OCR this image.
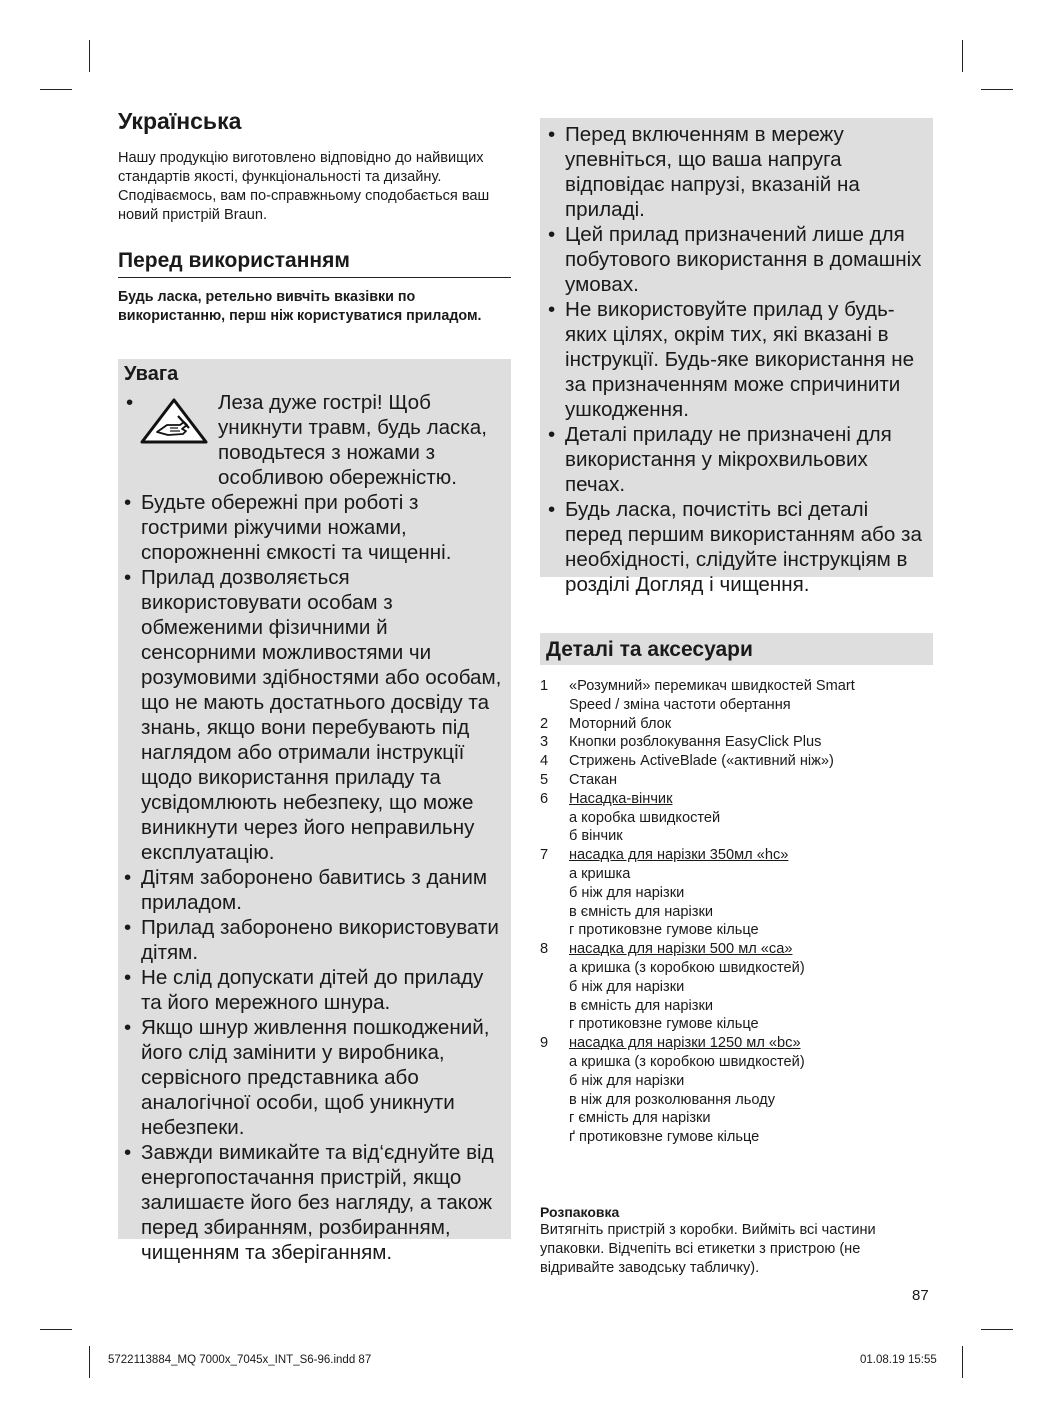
Українська

Нашу продукцію виготовлено відповідно до найвищих стандартів якості, функціональності та дизайну. Сподіваємось, вам по-справжньому сподобається ваш новий пристрій Braun.

Перед використанням

Будь ласка, ретельно вивчіть вказівки по використанню, перш ніж користуватися приладом.

Увага
•	Леза дуже гострі! Щоб уникнути травм, будь ласка, поводьтеся з ножами з особливою обережністю.
• Будьте обережні при роботі з гострими ріжучими ножами, спорожненні ємкості та чищенні.
• Прилад дозволяється використовувати особам з обмеженими фізичними й сенсорними можливостями чи розумовими здібностями або особам, що не мають достатнього досвіду та знань, якщо вони перебувають під наглядом або отримали інструкції щодо використання приладу та усвідомлюють небезпеку, що може виникнути через його неправильну експлуатацію.
• Дітям заборонено бавитись з даним приладом.
• Прилад заборонено використовувати дітям.
• Не слід допускати дітей до приладу та його мережного шнура.
• Якщо шнур живлення пошкоджений, його слід замінити у виробника, сервісного представника або аналогічної особи, щоб уникнути небезпеки.
• Завжди вимикайте та від‘єднуйте від енергопостачання пристрій, якщо залишаєте його без нагляду, а також перед збиранням, розбиранням, чищенням та зберіганням.
• Перед включенням в мережу упевніться, що ваша напруга відповідає напрузі, вказаній на приладі.
• Цей прилад призначений лише для побутового використання в домашніх умовах.
• Не використовуйте прилад у будь-яких цілях, окрім тих, які вказані в інструкції. Будь-яке використання не за призначенням може спричинити ушкодження.
• Деталі приладу не призначені для використання у мікрохвильових печах.
• Будь ласка, почистіть всі деталі перед першим використанням або за необхідності, слідуйте інструкціям в розділі Догляд і чищення.
Деталі та аксесуари
1	«Розумний» перемикач швидкостей Smart
Speed / зміна частоти обертання
2	Моторний блок
3	Кнопки розблокування EasyClick Plus
4	Стрижень ActiveBlade («активний ніж»)
5	Стакан
6	Насадка-вінчик
а коробка швидкостей
б вінчик
7	насадка для нарізки 350мл «hc»
а кришка
б ніж для нарізки
в ємність для нарізки
г протиковзне гумове кільце
8	насадка для нарізки 500 мл «ca»
а кришка (з коробкою швидкостей)
б ніж для нарізки
в ємність для нарізки
г протиковзне гумове кільце
9	насадка для нарізки 1250 мл «bc»
а кришка (з коробкою швидкостей)
б ніж для нарізки
в ніж для розколювання льоду
г ємність для нарізки
ґ протиковзне гумове кільце
Розпаковка

Витягніть пристрій з коробки. Вийміть всі частини упаковки. Відчепіть всі етикетки з пристрою (не відривайте заводську табличку).

87
5722113884_MQ 7000x_7045x_INT_S6-96.indd 87	01.08.19 15:55
